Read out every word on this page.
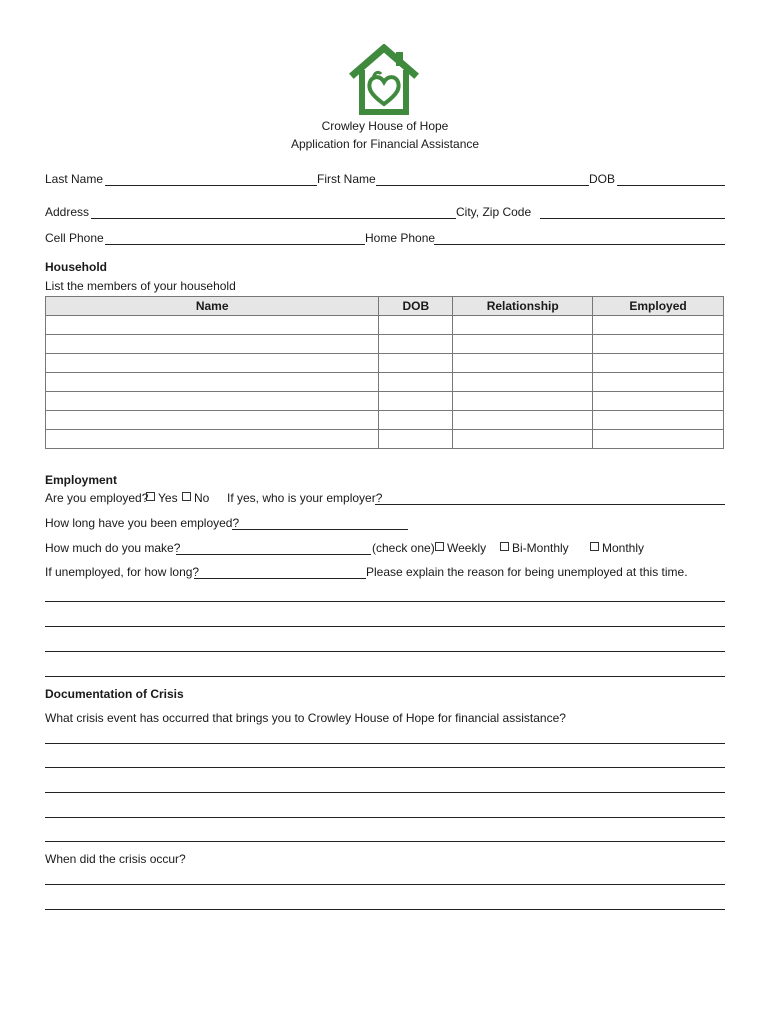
Crowley House of Hope
Application for Financial Assistance
Last Name	First Name	DOB
Address	City, Zip Code
Cell Phone	Home Phone
Household
List the members of your household
Name	DOB	Relationship	Employed

Employment
Are you employed? Yes	No If yes, who is your employer?
How long have you been employed?
How much do you make?	(check one)	Weekly	Bi-Monthly	Monthly
If unemployed, for how long?	Please explain the reason for being unemployed at this time.
Documentation of Crisis
What crisis event has occurred that brings you to Crowley House of Hope for financial assistance?
When did the crisis occur?
